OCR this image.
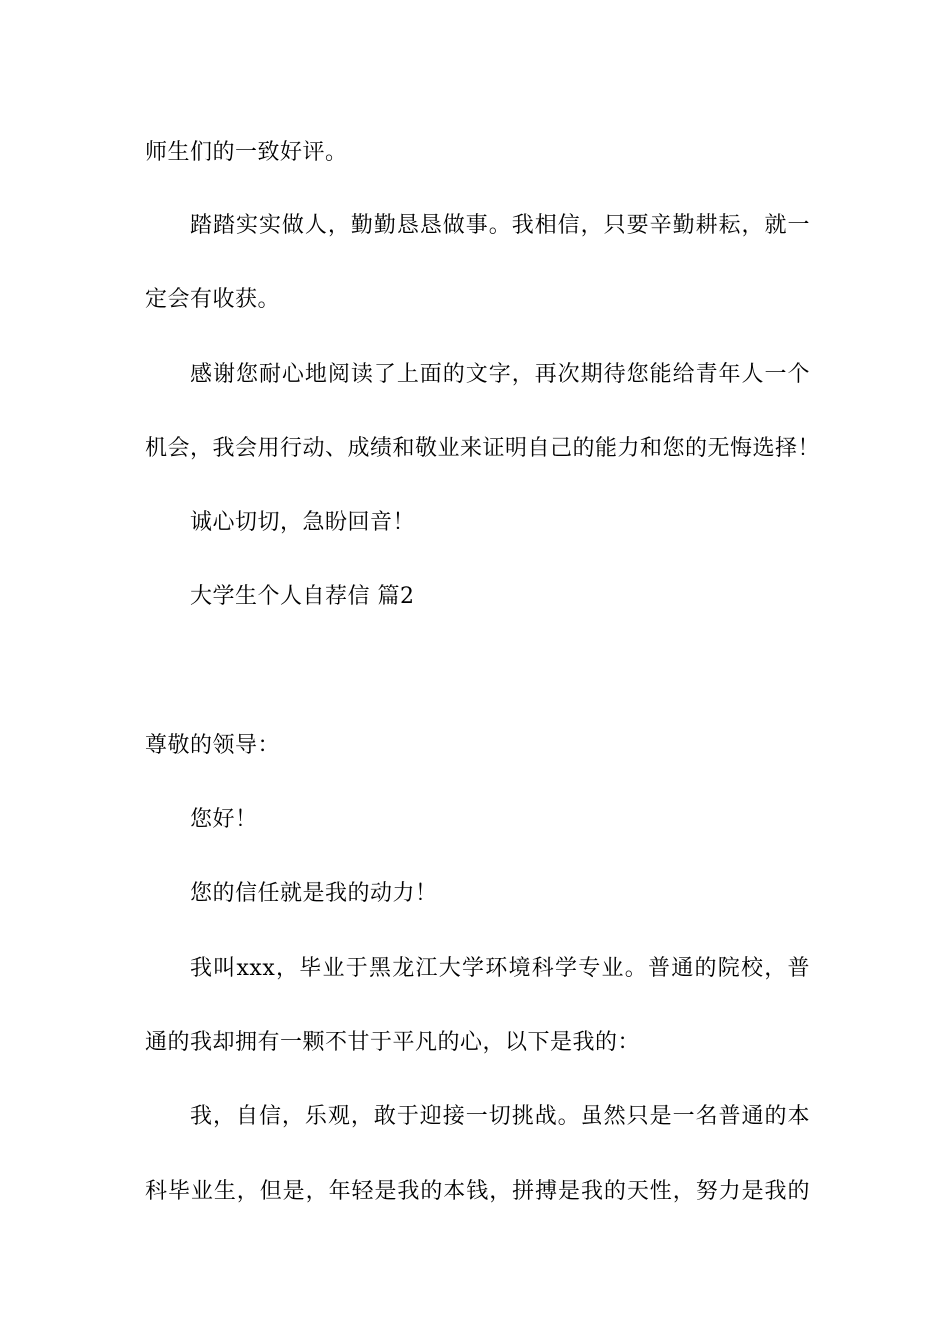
师生们的一致好评。
踏踏实实做人，勤勤恳恳做事。我相信，只要辛勤耕耘，就一
定会有收获。
感谢您耐心地阅读了上面的文字，再次期待您能给青年人一个
机会，我会用行动、成绩和敬业来证明自己的能力和您的无悔选择！
诚心切切，急盼回音！
大学生个人自荐信 篇2
尊敬的领导：
您好！
您的信任就是我的动力！
我叫xxx，毕业于黑龙江大学环境科学专业。普通的院校，普
通的我却拥有一颗不甘于平凡的心，以下是我的：
我，自信，乐观，敢于迎接一切挑战。虽然只是一名普通的本
科毕业生，但是，年轻是我的本钱，拼搏是我的天性，努力是我的
